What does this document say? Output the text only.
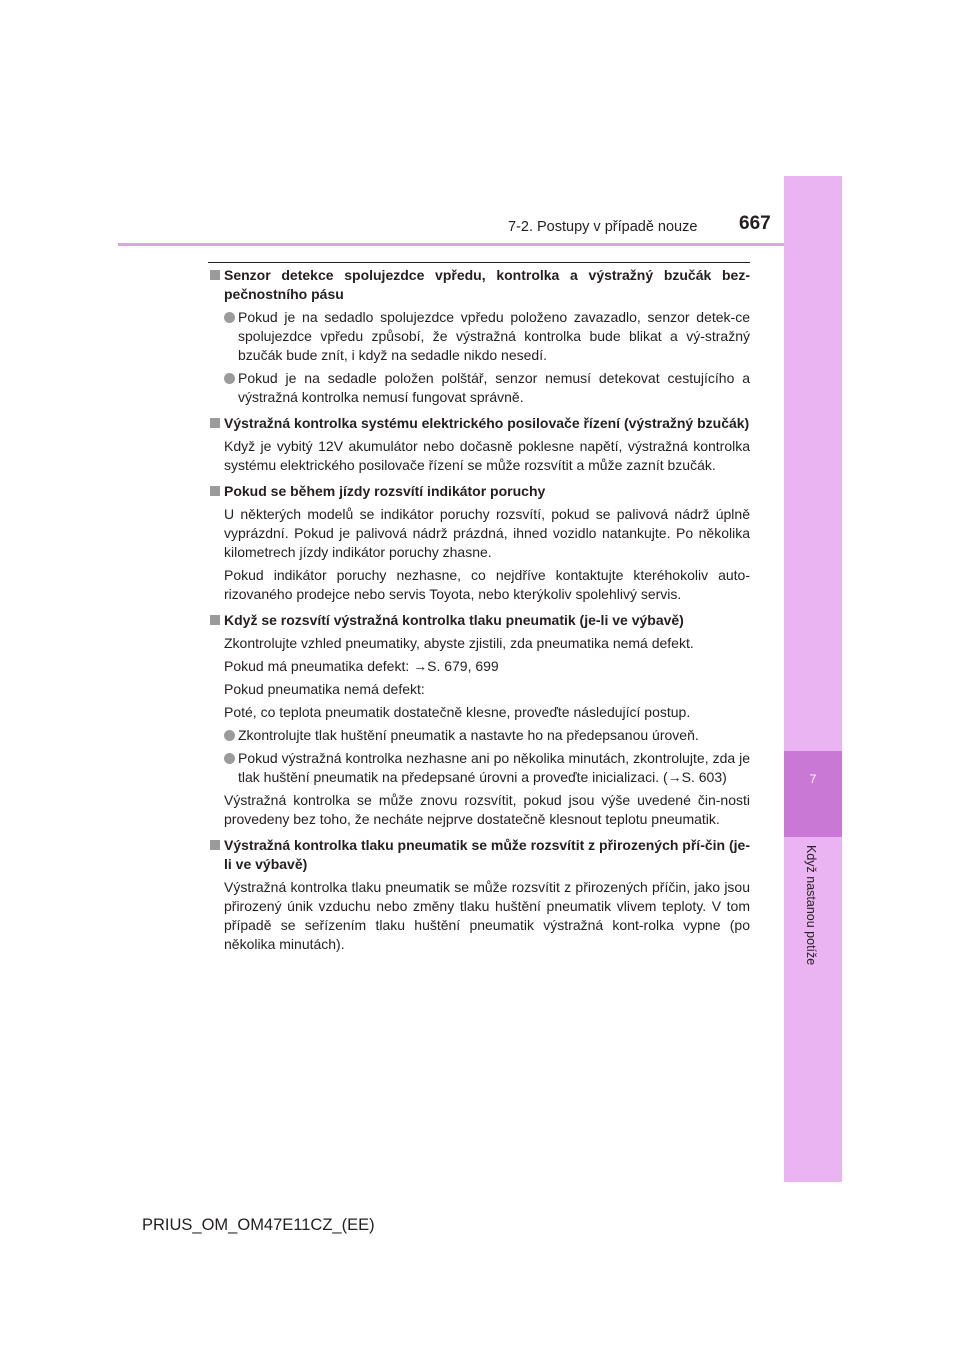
7-2. Postupy v případě nouze 667
7
Když nastanou potíže

Senzor detekce spolujezdce vpředu, kontrolka a výstražný bzučák bez-pečnostního pásu

Pokud je na sedadlo spolujezdce vpředu položeno zavazadlo, senzor detek-ce spolujezdce vpředu způsobí, že výstražná kontrolka bude blikat a vý-stražný bzučák bude znít, i když na sedadle nikdo nesedí.

Pokud je na sedadle položen polštář, senzor nemusí detekovat cestujícího a výstražná kontrolka nemusí fungovat správně.

Výstražná kontrolka systému elektrického posilovače řízení (výstražný bzučák)

Když je vybitý 12V akumulátor nebo dočasně poklesne napětí, výstražná kontrolka systému elektrického posilovače řízení se může rozsvítit a může zaznít bzučák.

Pokud se během jízdy rozsvítí indikátor poruchy

U některých modelů se indikátor poruchy rozsvítí, pokud se palivová nádrž úplně vyprázdní. Pokud je palivová nádrž prázdná, ihned vozidlo natankujte. Po několika kilometrech jízdy indikátor poruchy zhasne.

Pokud indikátor poruchy nezhasne, co nejdříve kontaktujte kteréhokoliv auto-rizovaného prodejce nebo servis Toyota, nebo kterýkoliv spolehlivý servis.

Když se rozsvítí výstražná kontrolka tlaku pneumatik (je-li ve výbavě)

Zkontrolujte vzhled pneumatiky, abyste zjistili, zda pneumatika nemá defekt.

Pokud má pneumatika defekt: →S. 679, 699

Pokud pneumatika nemá defekt:

Poté, co teplota pneumatik dostatečně klesne, proveďte následující postup.

Zkontrolujte tlak huštění pneumatik a nastavte ho na předepsanou úroveň.

Pokud výstražná kontrolka nezhasne ani po několika minutách, zkontrolujte, zda je tlak huštění pneumatik na předepsané úrovni a proveďte inicializaci. (→S. 603)

Výstražná kontrolka se může znovu rozsvítit, pokud jsou výše uvedené čin-nosti provedeny bez toho, že necháte nejprve dostatečně klesnout teplotu pneumatik.

Výstražná kontrolka tlaku pneumatik se může rozsvítit z přirozených pří-čin (je-li ve výbavě)

Výstražná kontrolka tlaku pneumatik se může rozsvítit z přirozených příčin, jako jsou přirozený únik vzduchu nebo změny tlaku huštění pneumatik vlivem teploty. V tom případě se seřízením tlaku huštění pneumatik výstražná kont-rolka vypne (po několika minutách).

PRIUS_OM_OM47E11CZ_(EE)
